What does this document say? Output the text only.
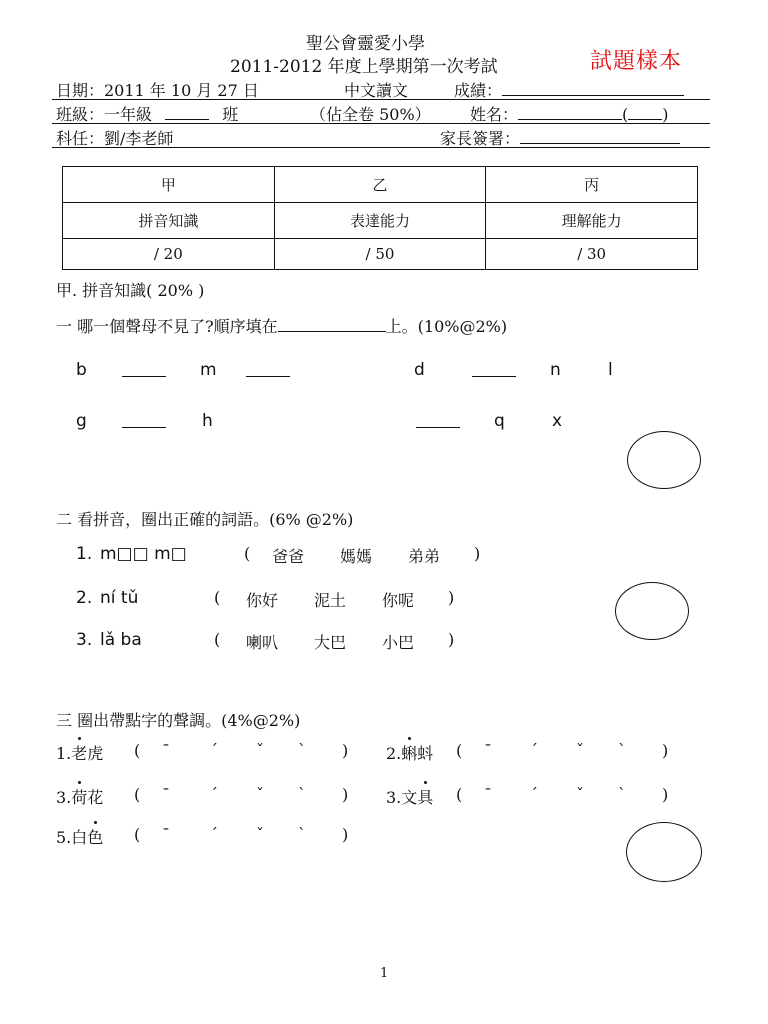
聖公會靈愛小學
2011-2012 年度上學期第一次考試	試題樣本
日期：2011 年 10 月 27 日	中文讀文	成績：
班級：一年級	班	（佔全卷 50%） 姓名：	( )
科任：劉/李老師	家長簽署：
甲	乙	丙
拼音知識	表達能力	理解能力
/ 20	/ 50	/ 30
甲. 拼音知識( 20% )
一 哪一個聲母不見了?順序填在	上。(10%@2%)
b	m	d	n	l
g	h	q	x
二 看拼音，圈出正確的詞語。(6% @2%)
1. m□□ m□	( 爸爸 媽媽 弟弟 )
2. ní tǔ	( 你好 泥土 你呢 )
3. lǎ ba	( 喇叭 大巴 小巴 )
三 圈出帶點字的聲調。(4%@2%)
1.老虎 ( ˉ	ˊ ˇ ˋ ) 2.蝌蚪 ( ˉ ˊ ˇ ˋ )
3.荷花 ( ˉ	ˊ ˇ ˋ ) 3.文具 ( ˉ ˊ ˇ ˋ )
5.白色 ( ˉ	ˊ ˇ ˋ )
1
